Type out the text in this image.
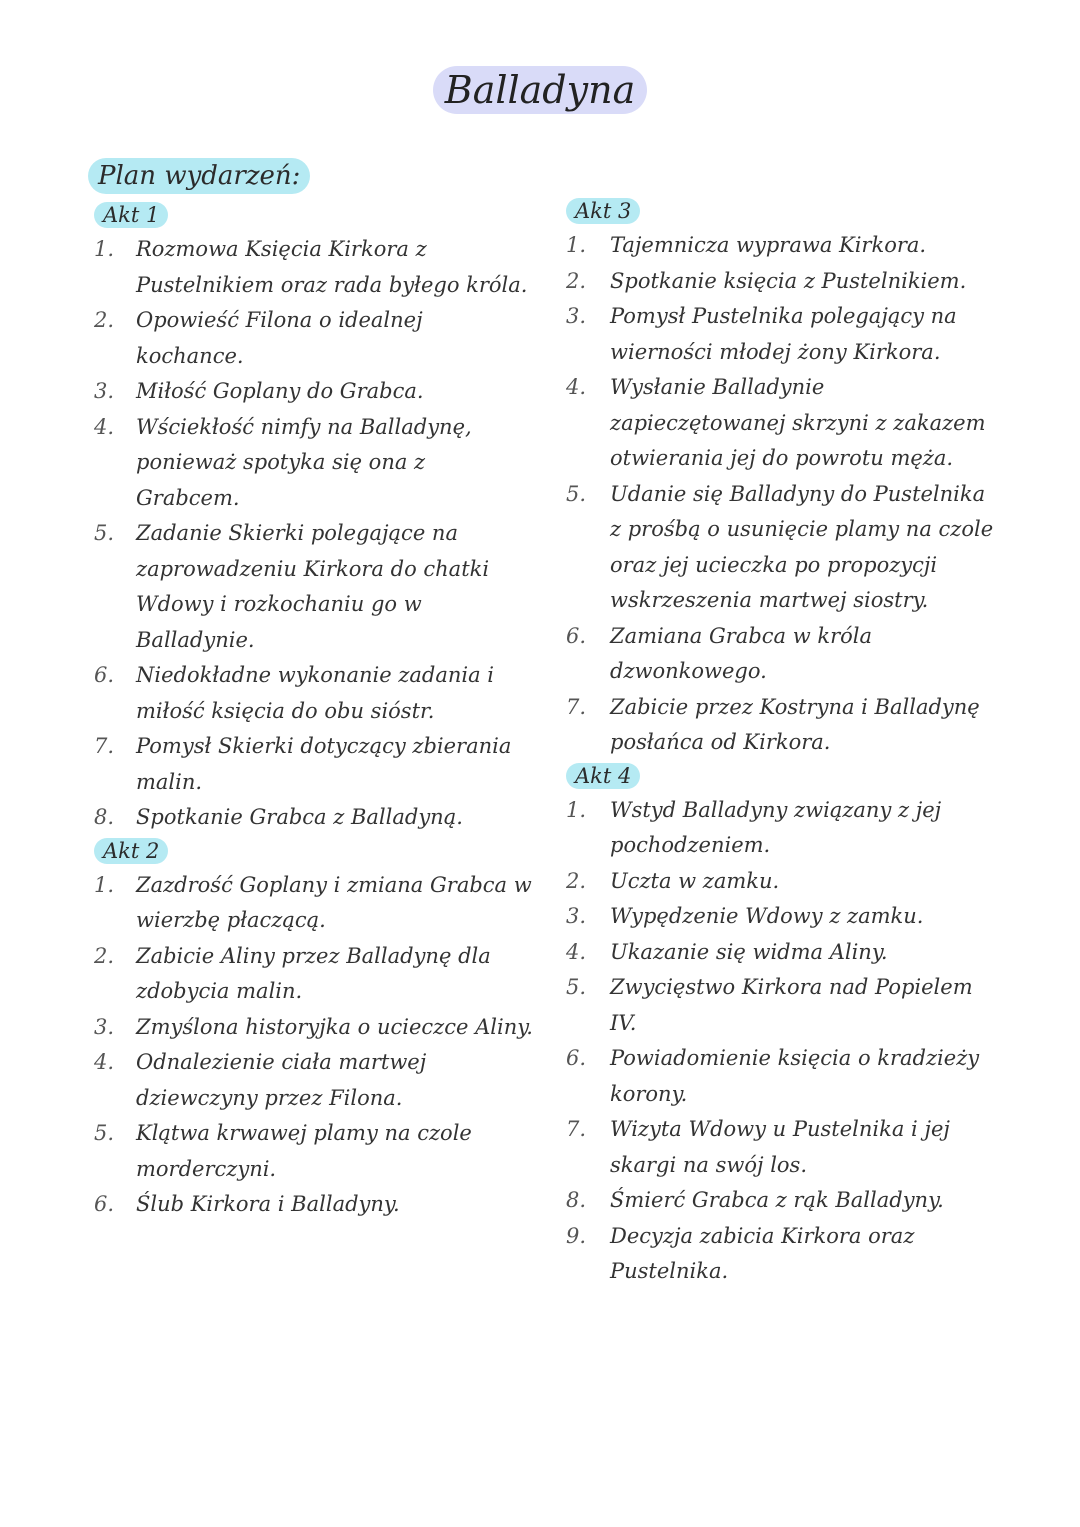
Balladyna
Plan wydarzeń:
Akt 1
1.	Rozmowa Księcia Kirkora z Pustelnikiem oraz rada byłego króla.
2.	Opowieść Filona o idealnej kochance.
3.	Miłość Goplany do Grabca.
4.	Wściekłość nimfy na Balladynę, ponieważ spotyka się ona z Grabcem.
5.	Zadanie Skierki polegające na zaprowadzeniu Kirkora do chatki Wdowy i rozkochaniu go w Balladynie.
6.	Niedokładne wykonanie zadania i miłość księcia do obu sióstr.
7.	Pomysł Skierki dotyczący zbierania malin.
8.	Spotkanie Grabca z Balladyną.
Akt 2
1.	Zazdrość Goplany i zmiana Grabca w wierzbę płaczącą.
2.	Zabicie Aliny przez Balladynę dla zdobycia malin.
3.	Zmyślona historyjka o ucieczce Aliny.
4.	Odnalezienie ciała martwej dziewczyny przez Filona.
5.	Klątwa krwawej plamy na czole morderczyni.
6.	Ślub Kirkora i Balladyny.
Akt 3
1.	Tajemnicza wyprawa Kirkora.
2.	Spotkanie księcia z Pustelnikiem.
3.	Pomysł Pustelnika polegający na wierności młodej żony Kirkora.
4.	Wysłanie Balladynie zapieczętowanej skrzyni z zakazem otwierania jej do powrotu męża.
5.	Udanie się Balladyny do Pustelnika z prośbą o usunięcie plamy na czole oraz jej ucieczka po propozycji wskrzeszenia martwej siostry.
6.	Zamiana Grabca w króla dzwonkowego.
7.	Zabicie przez Kostryna i Balladynę posłańca od Kirkora.
Akt 4
1.	Wstyd Balladyny związany z jej pochodzeniem.
2.	Uczta w zamku.
3.	Wypędzenie Wdowy z zamku.
4.	Ukazanie się widma Aliny.
5.	Zwycięstwo Kirkora nad Popielem IV.
6.	Powiadomienie księcia o kradzieży korony.
7.	Wizyta Wdowy u Pustelnika i jej skargi na swój los.
8.	Śmierć Grabca z rąk Balladyny.
9.	Decyzja zabicia Kirkora oraz Pustelnika.
